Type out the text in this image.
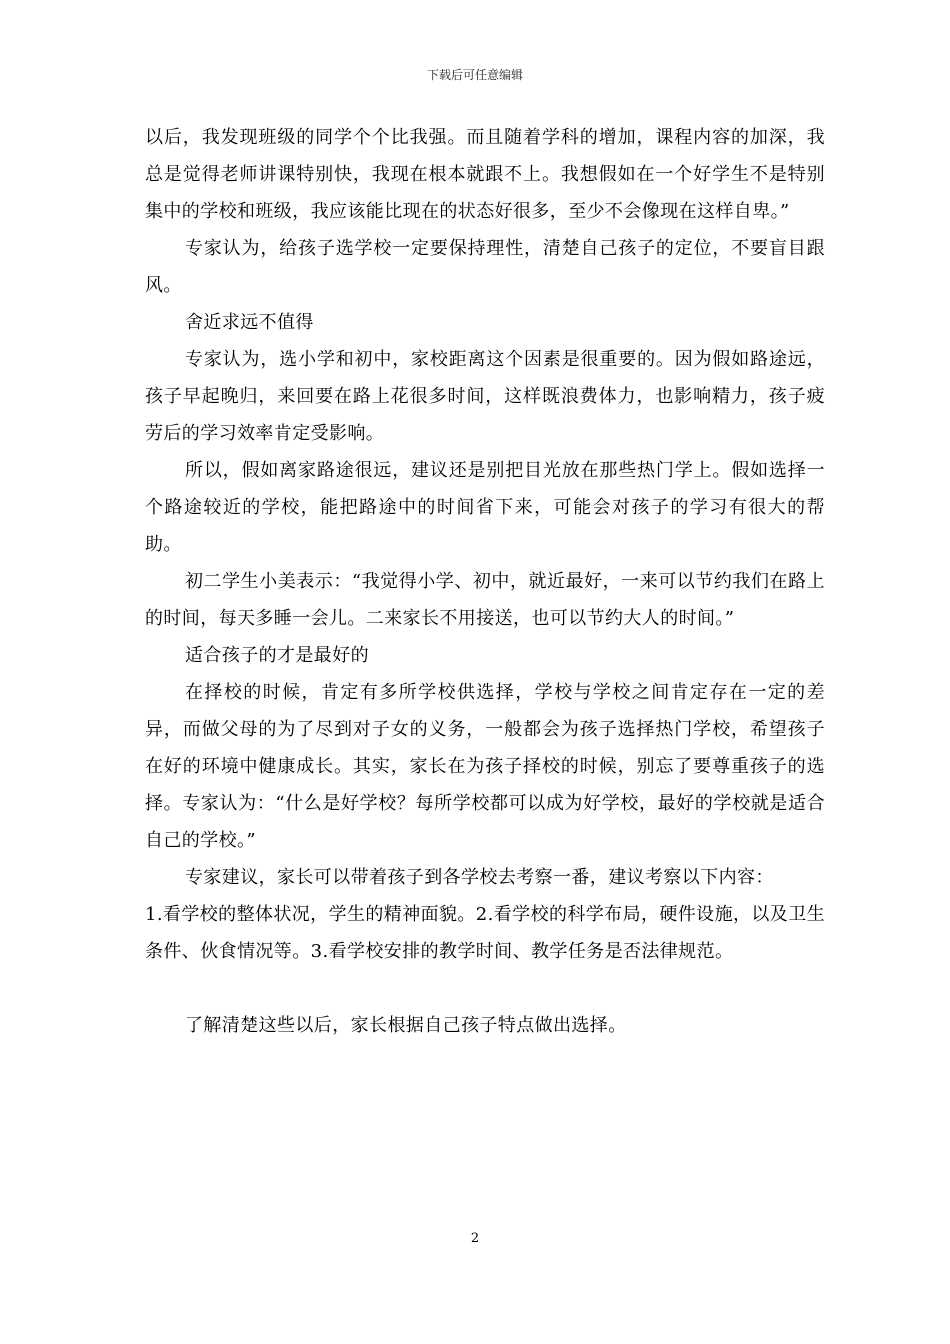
下载后可任意编辑

以后，我发现班级的同学个个比我强。而且随着学科的增加，课程内容的加深，我总是觉得老师讲课特别快，我现在根本就跟不上。我想假如在一个好学生不是特别集中的学校和班级，我应该能比现在的状态好很多，至少不会像现在这样自卑。”

专家认为，给孩子选学校一定要保持理性，清楚自己孩子的定位，不要盲目跟风。

舍近求远不值得

专家认为，选小学和初中，家校距离这个因素是很重要的。因为假如路途远，孩子早起晚归，来回要在路上花很多时间，这样既浪费体力，也影响精力，孩子疲劳后的学习效率肯定受影响。

所以，假如离家路途很远，建议还是别把目光放在那些热门学上。假如选择一个路途较近的学校，能把路途中的时间省下来，可能会对孩子的学习有很大的帮助。

初二学生小美表示：“我觉得小学、初中，就近最好，一来可以节约我们在路上的时间，每天多睡一会儿。二来家长不用接送，也可以节约大人的时间。”

适合孩子的才是最好的

在择校的时候，肯定有多所学校供选择，学校与学校之间肯定存在一定的差异，而做父母的为了尽到对子女的义务，一般都会为孩子选择热门学校，希望孩子在好的环境中健康成长。其实，家长在为孩子择校的时候，别忘了要尊重孩子的选择。专家认为：“什么是好学校？每所学校都可以成为好学校，最好的学校就是适合自己的学校。”

专家建议，家长可以带着孩子到各学校去考察一番，建议考察以下内容：

1.看学校的整体状况，学生的精神面貌。2.看学校的科学布局，硬件设施，以及卫生条件、伙食情况等。3.看学校安排的教学时间、教学任务是否法律规范。

了解清楚这些以后，家长根据自己孩子特点做出选择。

2
